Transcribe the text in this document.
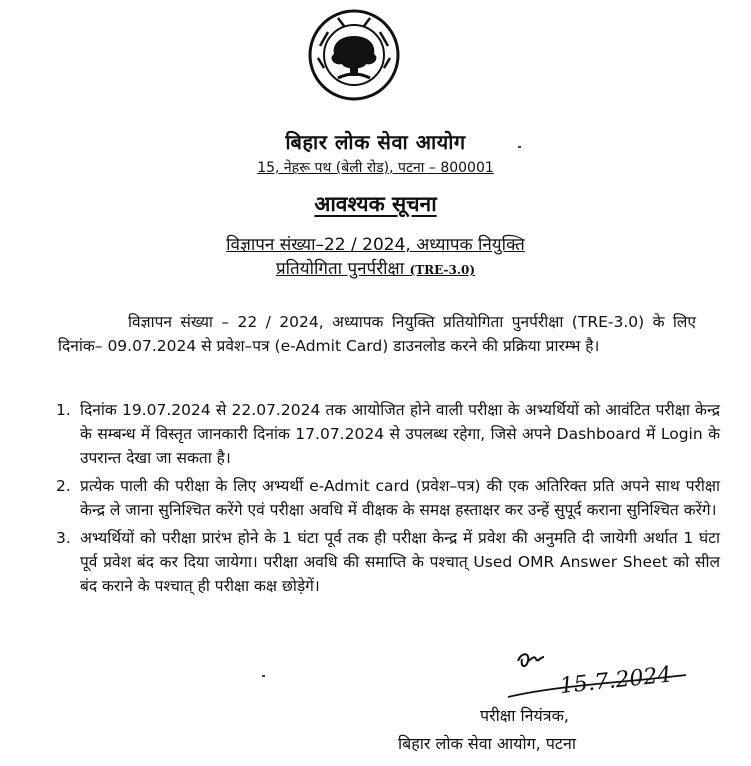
बिहार लोक सेवा आयोग
15, नेहरू पथ (बेली रोड), पटना – 800001
आवश्यक सूचना
विज्ञापन संख्या–22 / 2024, अध्यापक नियुक्ति
प्रतियोगिता पुनर्परीक्षा (TRE-3.0)
विज्ञापन संख्या – 22 / 2024, अध्यापक नियुक्ति प्रतियोगिता पुनर्परीक्षा (TRE-3.0) के लिए दिनांक– 09.07.2024 से प्रवेश–पत्र (e-Admit Card) डाउनलोड करने की प्रक्रिया प्रारम्भ है।
1. दिनांक 19.07.2024 से 22.07.2024 तक आयोजित होने वाली परीक्षा के अभ्यर्थियों को आवंटित परीक्षा केन्द्र के सम्बन्ध में विस्तृत जानकारी दिनांक 17.07.2024 से उपलब्ध रहेगा, जिसे अपने Dashboard में Login के उपरान्त देखा जा सकता है।
2. प्रत्येक पाली की परीक्षा के लिए अभ्यर्थी e-Admit card (प्रवेश–पत्र) की एक अतिरिक्त प्रति अपने साथ परीक्षा केन्द्र ले जाना सुनिश्चित करेंगे एवं परीक्षा अवधि में वीक्षक के समक्ष हस्ताक्षर कर उन्हें सुपूर्द कराना सुनिश्चित करेंगे।
3. अभ्यर्थियों को परीक्षा प्रारंभ होने के 1 घंटा पूर्व तक ही परीक्षा केन्द्र में प्रवेश की अनुमति दी जायेगी अर्थात 1 घंटा पूर्व प्रवेश बंद कर दिया जायेगा। परीक्षा अवधि की समाप्ति के पश्चात् Used OMR Answer Sheet को सील बंद कराने के पश्चात् ही परीक्षा कक्ष छोड़ेगें।
15.7.2024
परीक्षा नियंत्रक,
बिहार लोक सेवा आयोग, पटना
